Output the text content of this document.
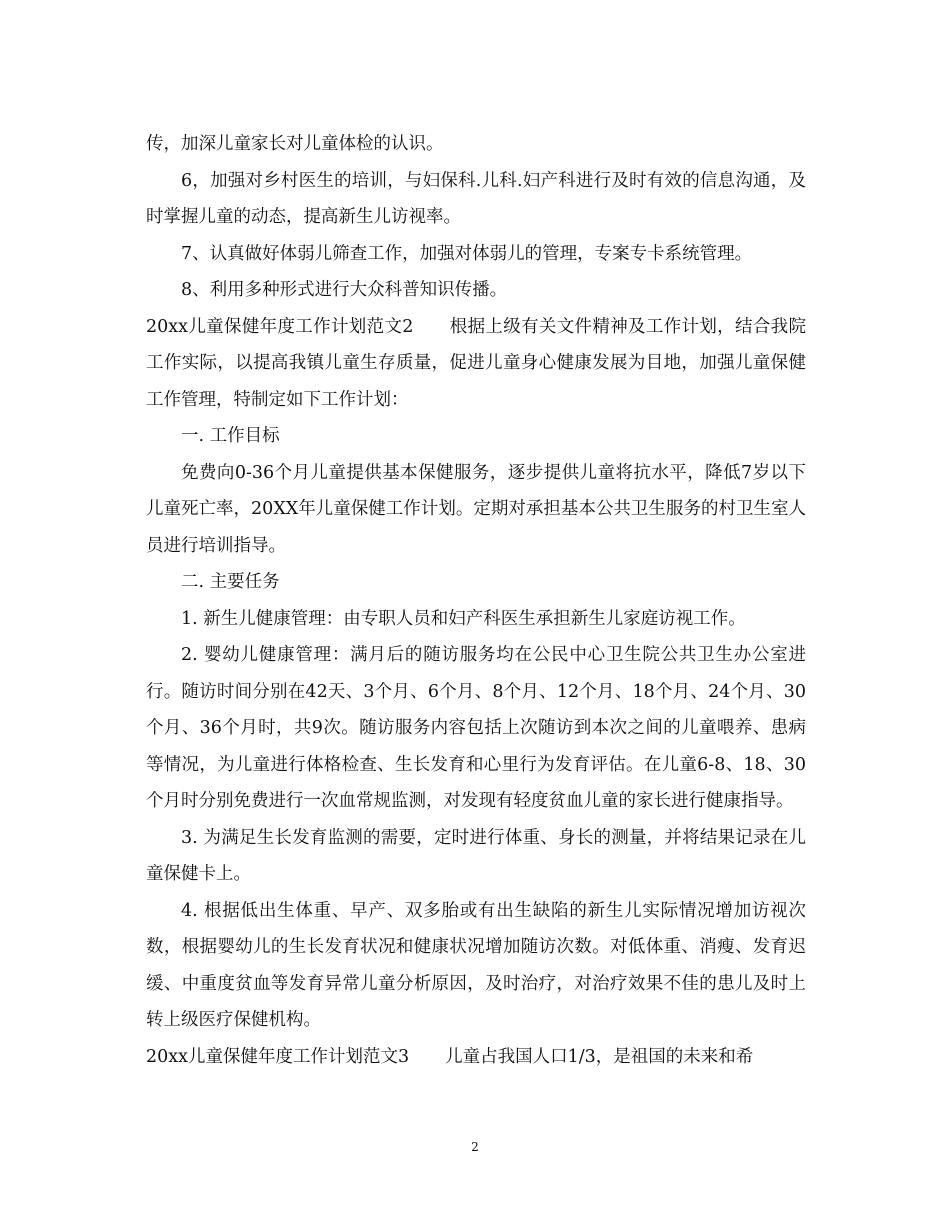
传，加深儿童家长对儿童体检的认识。

6，加强对乡村医生的培训，与妇保科.儿科.妇产科进行及时有效的信息沟通，及时掌握儿童的动态，提高新生儿访视率。

7、认真做好体弱儿筛查工作，加强对体弱儿的管理，专案专卡系统管理。

8、利用多种形式进行大众科普知识传播。

20xx儿童保健年度工作计划范文2 根据上级有关文件精神及工作计划，结合我院工作实际，以提高我镇儿童生存质量，促进儿童身心健康发展为目地，加强儿童保健工作管理，特制定如下工作计划：

一. 工作目标

免费向0-36个月儿童提供基本保健服务，逐步提供儿童将抗水平，降低7岁以下儿童死亡率，20XX年儿童保健工作计划。定期对承担基本公共卫生服务的村卫生室人员进行培训指导。

二. 主要任务

1. 新生儿健康管理：由专职人员和妇产科医生承担新生儿家庭访视工作。

2. 婴幼儿健康管理：满月后的随访服务均在公民中心卫生院公共卫生办公室进行。随访时间分别在42天、3个月、6个月、8个月、12个月、18个月、24个月、30个月、36个月时，共9次。随访服务内容包括上次随访到本次之间的儿童喂养、患病等情况，为儿童进行体格检查、生长发育和心里行为发育评估。在儿童6-8、18、30个月时分别免费进行一次血常规监测，对发现有轻度贫血儿童的家长进行健康指导。

3. 为满足生长发育监测的需要，定时进行体重、身长的测量，并将结果记录在儿童保健卡上。

4. 根据低出生体重、早产、双多胎或有出生缺陷的新生儿实际情况增加访视次数，根据婴幼儿的生长发育状况和健康状况增加随访次数。对低体重、消瘦、发育迟缓、中重度贫血等发育异常儿童分析原因，及时治疗，对治疗效果不佳的患儿及时上转上级医疗保健机构。

20xx儿童保健年度工作计划范文3 儿童占我国人口1/3，是祖国的未来和希

2
